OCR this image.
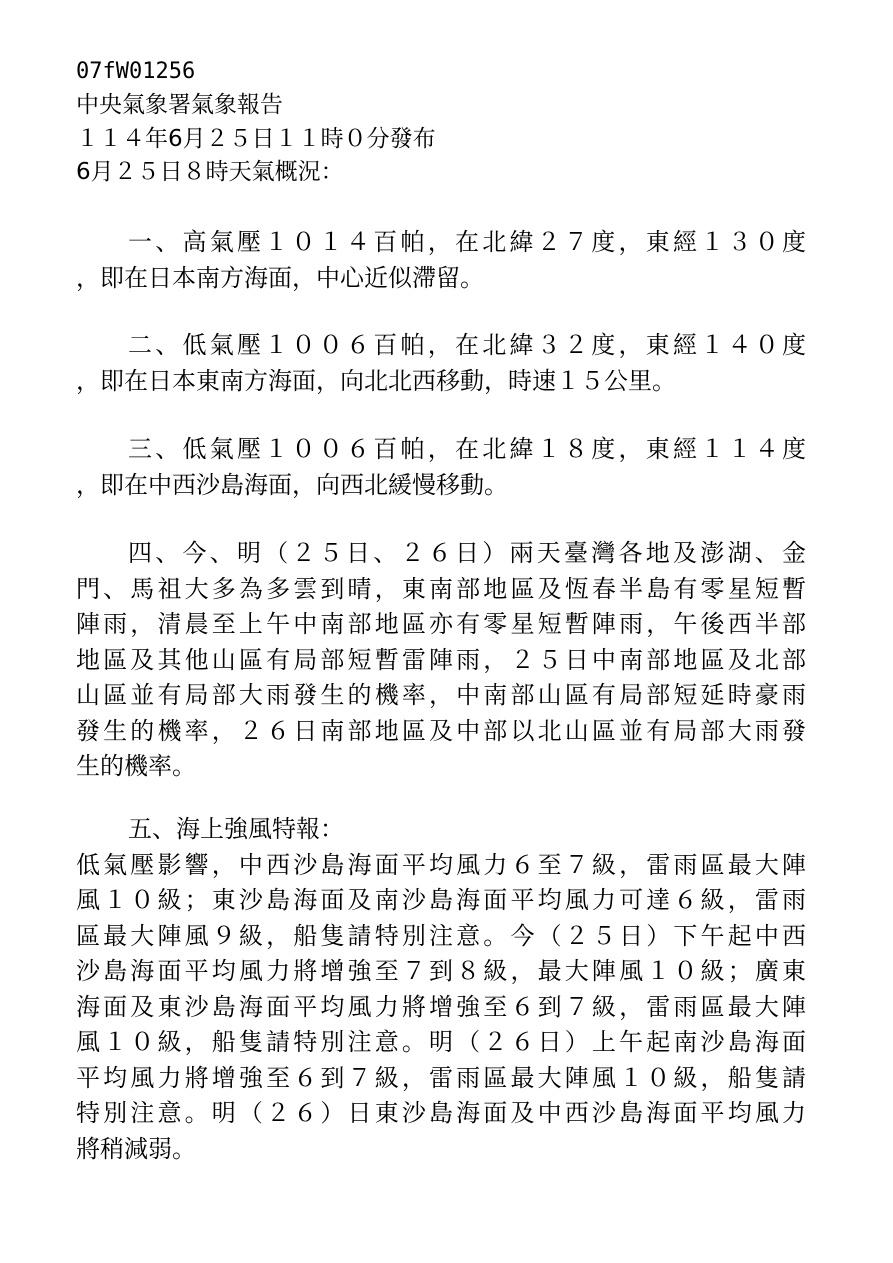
07fW01256
中央氣象署氣象報告
１１４年6月２５日１１時０分發布
6月２５日８時天氣概況：
一、高氣壓１０１４百帕，在北緯２７度，東經１３０度
，即在日本南方海面，中心近似滯留。
二、低氣壓１００６百帕，在北緯３２度，東經１４０度
，即在日本東南方海面，向北北西移動，時速１５公里。
三、低氣壓１００６百帕，在北緯１８度，東經１１４度
，即在中西沙島海面，向西北緩慢移動。
四、今、明（２５日、２６日）兩天臺灣各地及澎湖、金
門、馬祖大多為多雲到晴，東南部地區及恆春半島有零星短暫
陣雨，清晨至上午中南部地區亦有零星短暫陣雨，午後西半部
地區及其他山區有局部短暫雷陣雨，２５日中南部地區及北部
山區並有局部大雨發生的機率，中南部山區有局部短延時豪雨
發生的機率，２６日南部地區及中部以北山區並有局部大雨發
生的機率。
五、海上強風特報：
低氣壓影響，中西沙島海面平均風力６至７級，雷雨區最大陣
風１０級；東沙島海面及南沙島海面平均風力可達６級，雷雨
區最大陣風９級，船隻請特別注意。今（２５日）下午起中西
沙島海面平均風力將增強至７到８級，最大陣風１０級；廣東
海面及東沙島海面平均風力將增強至６到７級，雷雨區最大陣
風１０級，船隻請特別注意。明（２６日）上午起南沙島海面
平均風力將增強至６到７級，雷雨區最大陣風１０級，船隻請
特別注意。明（２６）日東沙島海面及中西沙島海面平均風力
將稍減弱。
